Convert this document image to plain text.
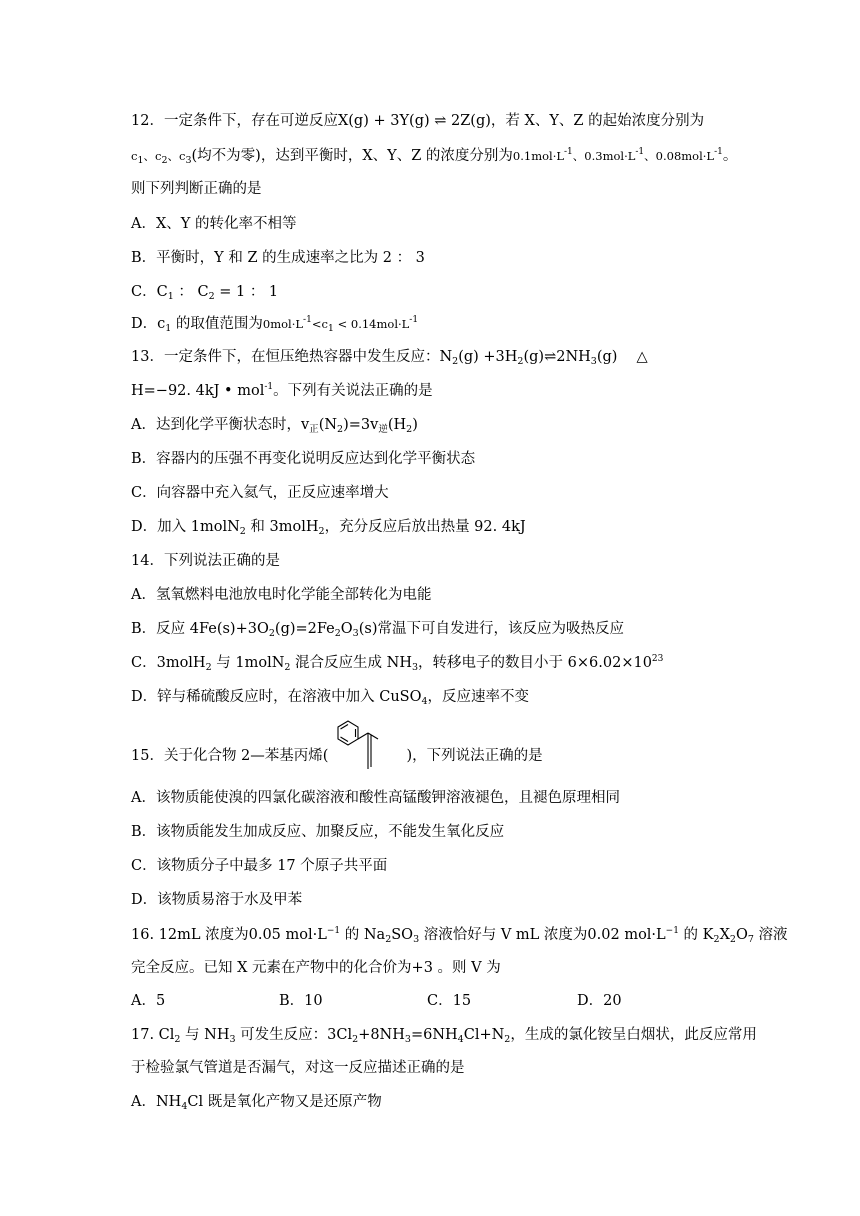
12．一定条件下，存在可逆反应X(g) + 3Y(g) ⇌ 2Z(g)，若 X、Y、Z 的起始浓度分别为
$c_1$、$c_2$、$c_3$(均不为零)，达到平衡时，X、Y、Z 的浓度分别为$0.1mol\cdot L^{-1}$、$0.3mol\cdot L^{-1}$、$0.08mol\cdot L^{-1}$。
则下列判断正确的是
A．X、Y 的转化率不相等
B．平衡时，Y 和 Z 的生成速率之比为 2 ： 3
C．$C_1$ ： $C_2 = 1$ ： 1
D．$c_1$ 的取值范围为$0mol\cdot L^{-1}<c_1 < 0.14mol\cdot L^{-1}$
13．一定条件下，在恒压绝热容器中发生反应：$N_2(g)$ $+3H_2(g)\rightleftharpoons 2NH_3(g)$　 △
H=−92. 4kJ • mol$^{-1}$。下列有关说法正确的是
A．达到化学平衡状态时，$v_正(N_2)=3v_逆(H_2)$
B．容器内的压强不再变化说明反应达到化学平衡状态
C．向容器中充入氦气，正反应速率增大
D．加入 1molN$_2$ 和 3molH$_2$，充分反应后放出热量 92. 4kJ
14．下列说法正确的是
A．氢氧燃料电池放电时化学能全部转化为电能
B．反应 $4Fe(s)+3O_2(g)=2Fe_2O_3(s)$常温下可自发进行，该反应为吸热反应
C．3molH$_2$ 与 1molN$_2$ 混合反应生成 $NH_3$，转移电子的数目小于 $6\times 6.02\times 10^{23}$
D．锌与稀硫酸反应时，在溶液中加入 CuSO$_4$，反应速率不变
15．关于化合物 2—苯基丙烯(	)，下列说法正确的是
A．该物质能使溴的四氯化碳溶液和酸性高锰酸钾溶液褪色，且褪色原理相同
B．该物质能发生加成反应、加聚反应，不能发生氧化反应
C．该物质分子中最多 17 个原子共平面
D．该物质易溶于水及甲苯
16. 12mL 浓度为0.05 $mol\cdot L^{-1}$ 的 $Na_2SO_3$ 溶液恰好与 V mL 浓度为0.02 $mol\cdot L^{-1}$ 的 $K_2X_2O_7$ 溶液
完全反应。已知 X 元素在产物中的化合价为+3 。则 V 为
A．5	B．10	C．15	D．20
17. $Cl_2$ 与 $NH_3$ 可发生反应：$3Cl_2+8NH_3=6NH_4Cl+N_2$，生成的氯化铵呈白烟状，此反应常用
于检验氯气管道是否漏气，对这一反应描述正确的是
A．$NH_4Cl$ 既是氧化产物又是还原产物
